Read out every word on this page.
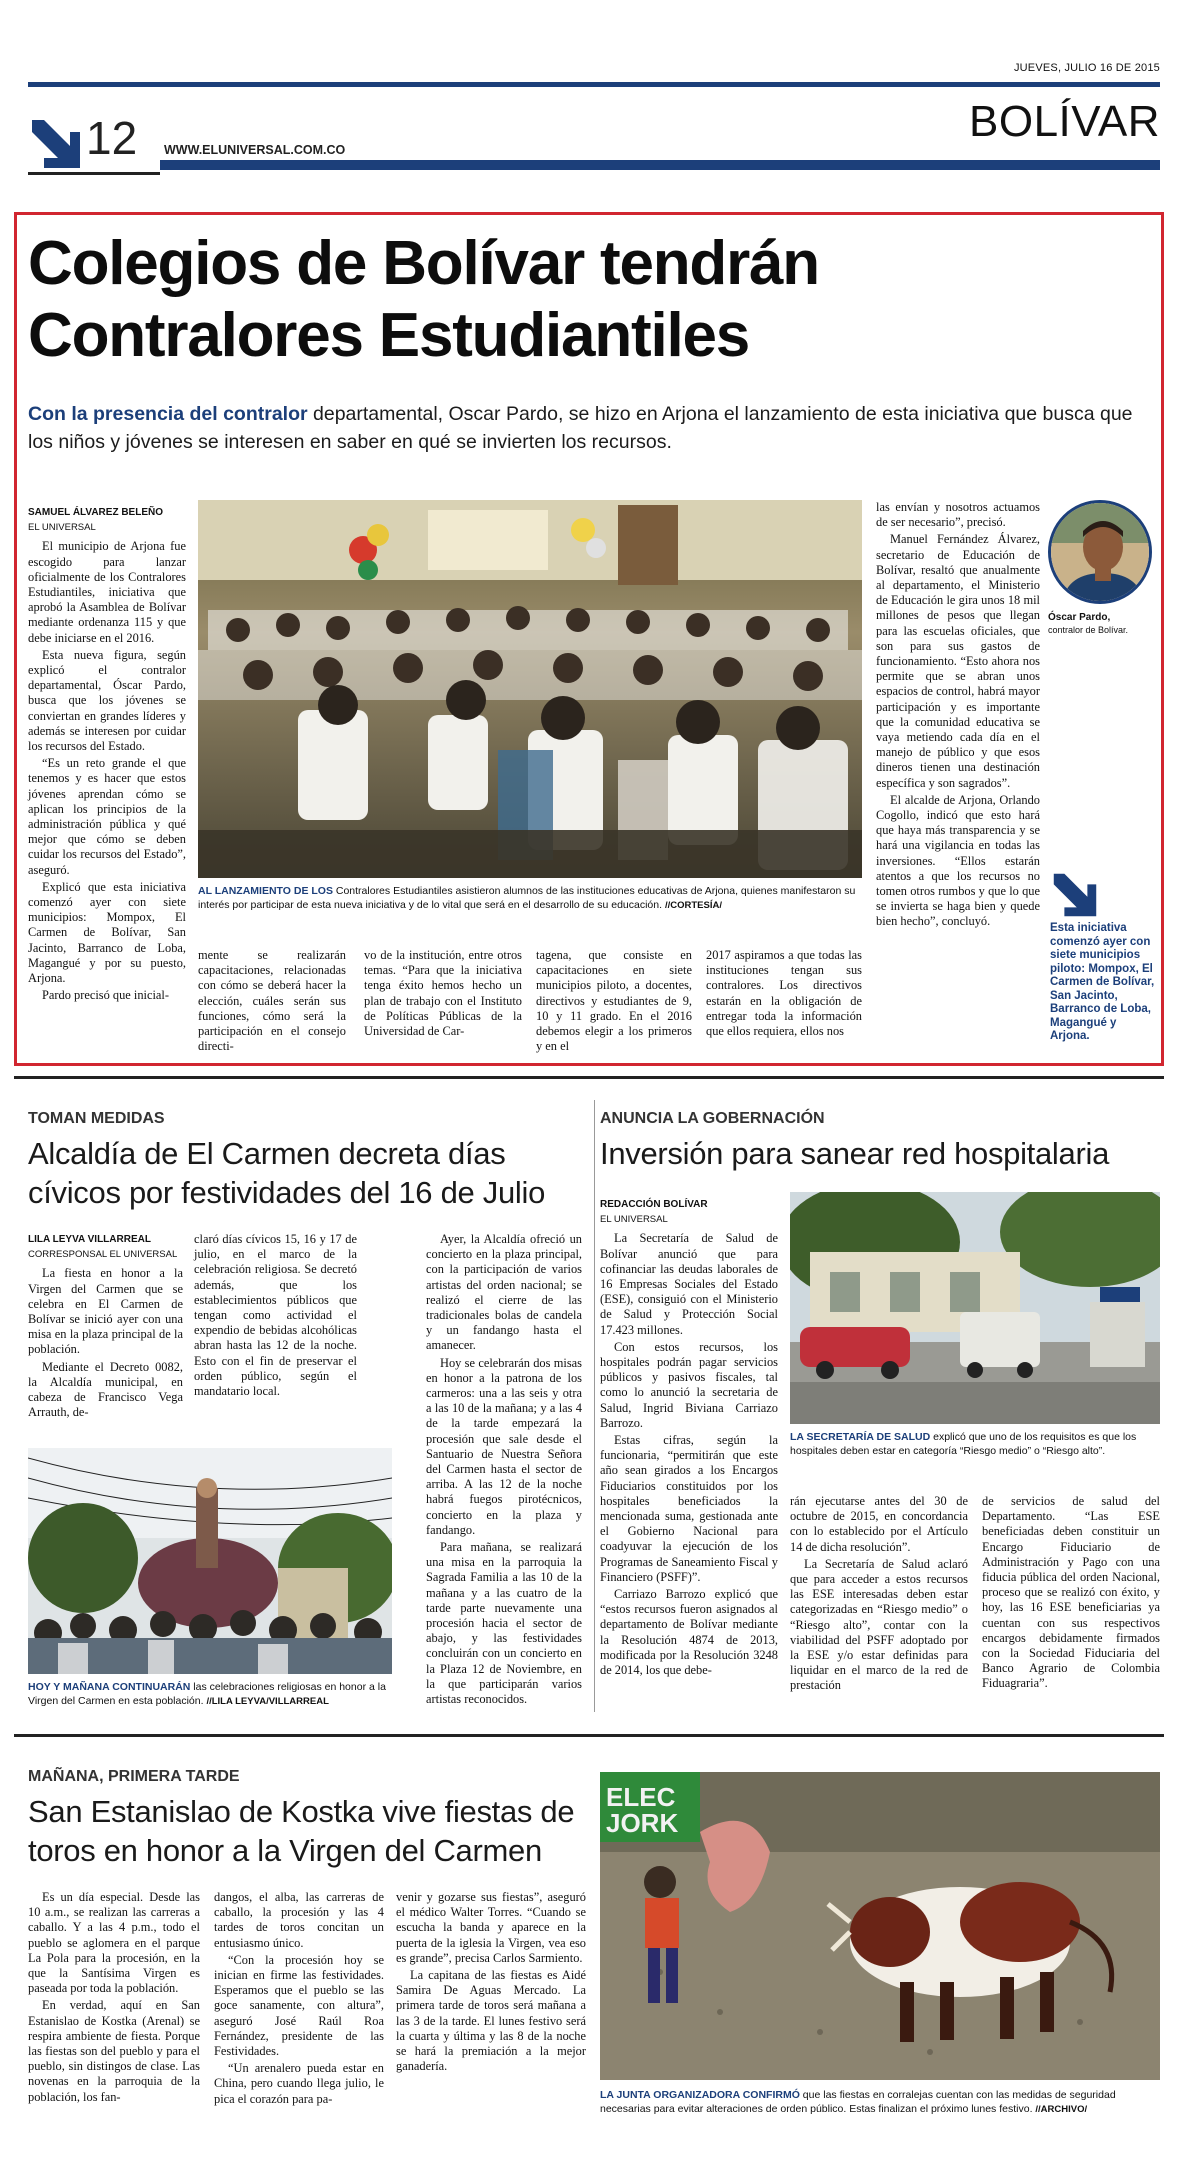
JUEVES, JULIO 16 DE 2015
12 WWW.ELUNIVERSAL.COM.CO
BOLÍVAR
Colegios de Bolívar tendrán
Contralores Estudiantiles
Con la presencia del contralor departamental, Oscar Pardo, se hizo en Arjona el lanzamiento de esta iniciativa que busca que los niños y jóvenes se interesen en saber en qué se invierten los recursos.
SAMUEL ÁLVAREZ BELEÑO
EL UNIVERSAL

El municipio de Arjona fue escogido para lanzar oficialmente de los Contralores Estudiantiles, iniciativa que aprobó la Asamblea de Bolívar mediante ordenanza 115 y que debe iniciarse en el 2016.

Esta nueva figura, según explicó el contralor departamental, Óscar Pardo, busca que los jóvenes se conviertan en grandes líderes y además se interesen por cuidar los recursos del Estado.

“Es un reto grande el que tenemos y es hacer que estos jóvenes aprendan cómo se aplican los principios de la administración pública y qué mejor que cómo se deben cuidar los recursos del Estado”, aseguró.

Explicó que esta iniciativa comenzó ayer con siete municipios: Mompox, El Carmen de Bolívar, San Jacinto, Barranco de Loba, Magangué y por su puesto, Arjona.

Pardo precisó que inicial-

AL LANZAMIENTO DE LOS Contralores Estudiantiles asistieron alumnos de las instituciones educativas de Arjona, quienes manifestaron su interés por participar de esta nueva iniciativa y de lo vital que será en el desarrollo de su educación. //CORTESÍA/

mente se realizarán capacitaciones, relacionadas con cómo se deberá hacer la elección, cuáles serán sus funciones, cómo será la participación en el consejo directi-

vo de la institución, entre otros temas. “Para que la iniciativa tenga éxito hemos hecho un plan de trabajo con el Instituto de Políticas Públicas de la Universidad de Car-

tagena, que consiste en capacitaciones en siete municipios piloto, a docentes, directivos y estudiantes de 9, 10 y 11 grado. En el 2016 debemos elegir a los primeros y en el

2017 aspiramos a que todas las instituciones tengan sus contralores. Los directivos estarán en la obligación de entregar toda la información que ellos requiera, ellos nos

las envían y nosotros actuamos de ser necesario”, precisó.

Manuel Fernández Álvarez, secretario de Educación de Bolívar, resaltó que anualmente al departamento, el Ministerio de Educación le gira unos 18 mil millones de pesos que llegan para las escuelas oficiales, que son para sus gastos de funcionamiento. “Esto ahora nos permite que se abran unos espacios de control, habrá mayor participación y es importante que la comunidad educativa se vaya metiendo cada día en el manejo de público y que esos dineros tienen una destinación específica y son sagrados”.

El alcalde de Arjona, Orlando Cogollo, indicó que esto hará que haya más transparencia y se hará una vigilancia en todas las inversiones. “Ellos estarán atentos a que los recursos no tomen otros rumbos y que lo que se invierta se haga bien y quede bien hecho”, concluyó.

Óscar Pardo,
contralor de Bolívar.
Esta iniciativa comenzó ayer con siete municipios piloto: Mompox, El Carmen de Bolívar, San Jacinto, Barranco de Loba, Magangué y Arjona.
TOMAN MEDIDAS
Alcaldía de El Carmen decreta días cívicos por festividades del 16 de Julio
LILA LEYVA VILLARREAL
CORRESPONSAL EL UNIVERSAL

La fiesta en honor a la Virgen del Carmen que se celebra en El Carmen de Bolívar se inició ayer con una misa en la plaza principal de la población.

Mediante el Decreto 0082, la Alcaldía municipal, en cabeza de Francisco Vega Arrauth, de-

claró días cívicos 15, 16 y 17 de julio, en el marco de la celebración religiosa. Se decretó además, que los establecimientos públicos que tengan como actividad el expendio de bebidas alcohólicas abran hasta las 12 de la noche. Esto con el fin de preservar el orden público, según el mandatario local.

Ayer, la Alcaldía ofreció un concierto en la plaza principal, con la participación de varios artistas del orden nacional; se realizó el cierre de las tradicionales bolas de candela y un fandango hasta el amanecer.

Hoy se celebrarán dos misas en honor a la patrona de los carmeros: una a las seis y otra a las 10 de la mañana; y a las 4 de la tarde empezará la procesión que sale desde el Santuario de Nuestra Señora del Carmen hasta el sector de arriba. A las 12 de la noche habrá fuegos pirotécnicos, concierto en la plaza y fandango.

Para mañana, se realizará una misa en la parroquia la Sagrada Familia a las 10 de la mañana y a las cuatro de la tarde parte nuevamente una procesión hacia el sector de abajo, y las festividades concluirán con un concierto en la Plaza 12 de Noviembre, en la que participarán varios artistas reconocidos.

HOY Y MAÑANA CONTINUARÁN las celebraciones religiosas en honor a la Virgen del Carmen en esta población. //LILA LEYVA/VILLARREAL
ANUNCIA LA GOBERNACIÓN
Inversión para sanear red hospitalaria
REDACCIÓN BOLÍVAR
EL UNIVERSAL

La Secretaría de Salud de Bolívar anunció que para cofinanciar las deudas laborales de 16 Empresas Sociales del Estado (ESE), consiguió con el Ministerio de Salud y Protección Social 17.423 millones.

Con estos recursos, los hospitales podrán pagar servicios públicos y pasivos fiscales, tal como lo anunció la secretaria de Salud, Ingrid Biviana Carriazo Barrozo.

Estas cifras, según la funcionaria, “permitirán que este año sean girados a los Encargos Fiduciarios constituidos por los hospitales beneficiados la mencionada suma, gestionada ante el Gobierno Nacional para coadyuvar la ejecución de los Programas de Saneamiento Fiscal y Financiero (PSFF)”.

Carriazo Barrozo explicó que “estos recursos fueron asignados al departamento de Bolívar mediante la Resolución 4874 de 2013, modificada por la Resolución 3248 de 2014, los que debe-

LA SECRETARÍA DE SALUD explicó que uno de los requisitos es que los hospitales deben estar en categoría “Riesgo medio” o “Riesgo alto”.

rán ejecutarse antes del 30 de octubre de 2015, en concordancia con lo establecido por el Artículo 14 de dicha resolución”.

La Secretaría de Salud aclaró que para acceder a estos recursos las ESE interesadas deben estar categorizadas en “Riesgo medio” o “Riesgo alto”, contar con la viabilidad del PSFF adoptado por la ESE y/o estar definidas para liquidar en el marco de la red de prestación

de servicios de salud del Departamento. “Las ESE beneficiadas deben constituir un Encargo Fiduciario de Administración y Pago con una fiducia pública del orden Nacional, proceso que se realizó con éxito, y hoy, las 16 ESE beneficiarias ya cuentan con sus respectivos encargos debidamente firmados con la Sociedad Fiduciaria del Banco Agrario de Colombia Fiduagraria”.

MAÑANA, PRIMERA TARDE
San Estanislao de Kostka vive fiestas de toros en honor a la Virgen del Carmen

Es un día especial. Desde las 10 a.m., se realizan las carreras a caballo. Y a las 4 p.m., todo el pueblo se aglomera en el parque La Pola para la procesión, en la que la Santísima Virgen es paseada por toda la población.

En verdad, aquí en San Estanislao de Kostka (Arenal) se respira ambiente de fiesta. Porque las fiestas son del pueblo y para el pueblo, sin distingos de clase. Las novenas en la parroquia de la población, los fan-

dangos, el alba, las carreras de caballo, la procesión y las 4 tardes de toros concitan un entusiasmo único.

“Con la procesión hoy se inician en firme las festividades. Esperamos que el pueblo se las goce sanamente, con altura”, aseguró José Raúl Roa Fernández, presidente de las Festividades.

“Un arenalero pueda estar en China, pero cuando llega julio, le pica el corazón para pa-

venir y gozarse sus fiestas”, aseguró el médico Walter Torres. “Cuando se escucha la banda y aparece en la puerta de la iglesia la Virgen, vea eso es grande”, precisa Carlos Sarmiento.

La capitana de las fiestas es Aidé Samira De Aguas Mercado. La primera tarde de toros será mañana a las 3 de la tarde. El lunes festivo será la cuarta y última y las 8 de la noche se hará la premiación a la mejor ganadería.

ELEC JORK
LA JUNTA ORGANIZADORA CONFIRMÓ que las fiestas en corralejas cuentan con las medidas de seguridad necesarias para evitar alteraciones de orden público. Estas finalizan el próximo lunes festivo. //ARCHIVO/
